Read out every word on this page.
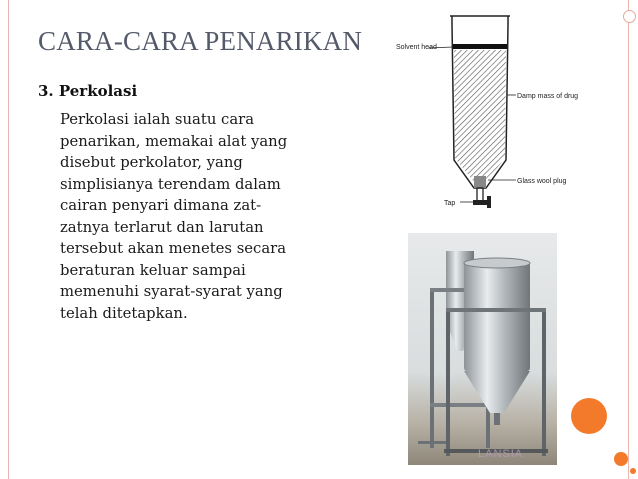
CARA-CARA PENARIKAN
3. Perkolasi
Perkolasi ialah suatu cara
penarikan, memakai alat yang
disebut perkolator, yang
simplisianya terendam dalam
cairan penyari dimana zat-
zatnya terlarut dan larutan
tersebut akan menetes secara
beraturan keluar sampai
memenuhi syarat-syarat yang
telah ditetapkan.
Solvent head
Damp mass of drug
Glass wool plug
Tap
LANSIA
